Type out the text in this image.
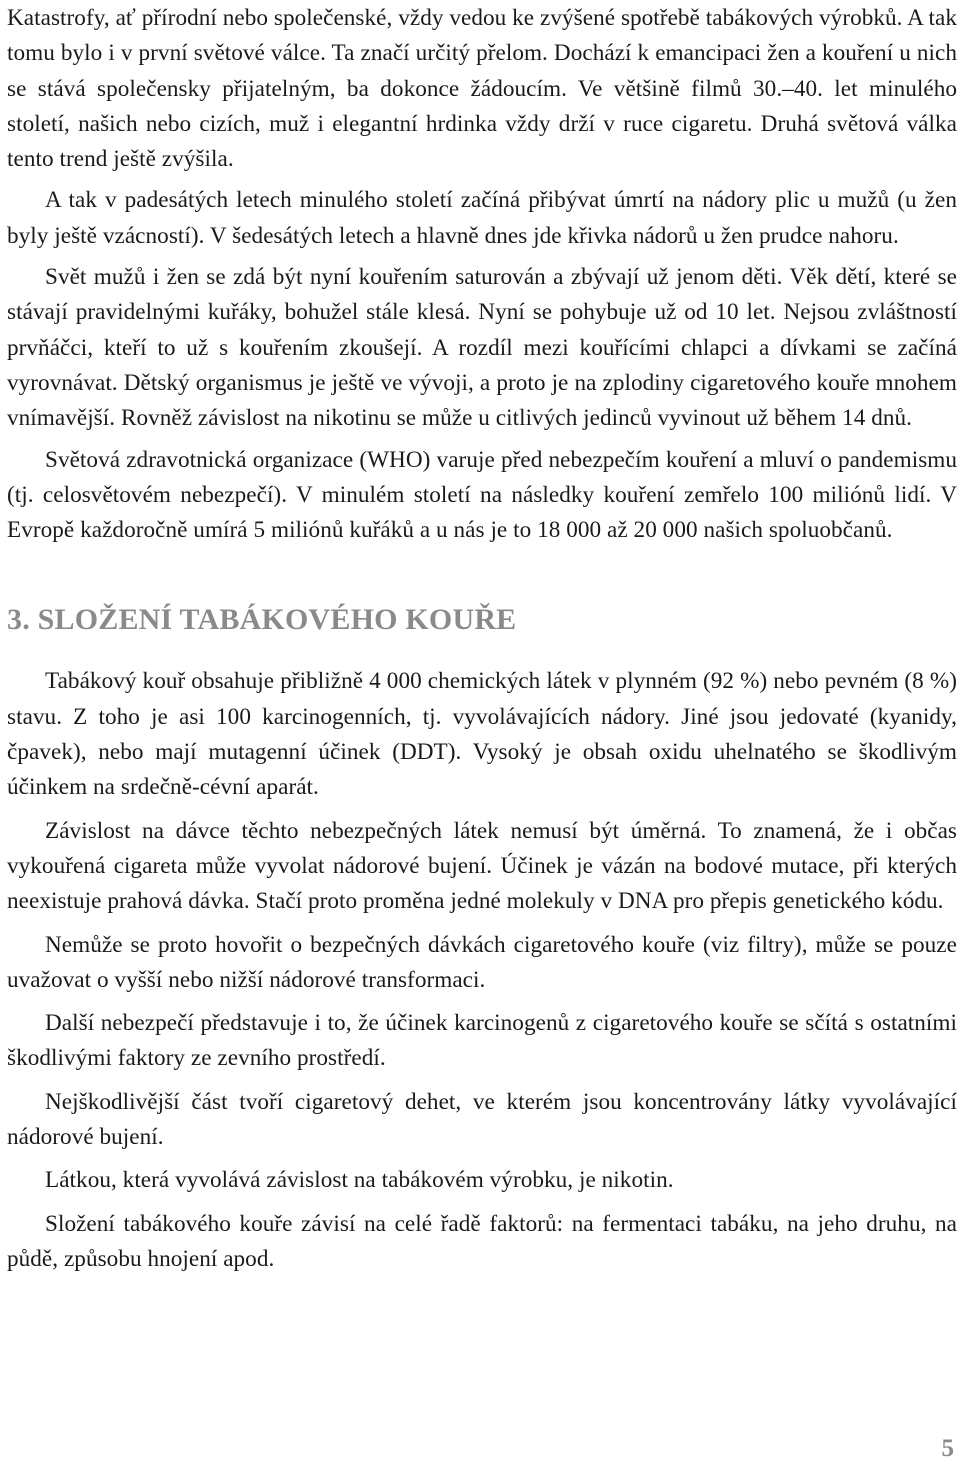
Katastrofy, ať přírodní nebo společenské, vždy vedou ke zvýšené spotřebě tabákových výrobků. A tak tomu bylo i v první světové válce. Ta značí určitý přelom. Dochází k emancipaci žen a kouření u nich se stává společensky přijatelným, ba dokonce žádoucím. Ve většině filmů 30.–40. let minulého století, našich nebo cizích, muž i elegantní hrdinka vždy drží v ruce cigaretu. Druhá světová válka tento trend ještě zvýšila.

A tak v padesátých letech minulého století začíná přibývat úmrtí na nádory plic u mužů (u žen byly ještě vzácností). V šedesátých letech a hlavně dnes jde křivka nádorů u žen prudce nahoru.

Svět mužů i žen se zdá být nyní kouřením saturován a zbývají už jenom děti. Věk dětí, které se stávají pravidelnými kuřáky, bohužel stále klesá. Nyní se pohybuje už od 10 let. Nejsou zvláštností prvňáčci, kteří to už s kouřením zkoušejí. A rozdíl mezi kouřícími chlapci a dívkami se začíná vyrovnávat. Dětský organismus je ještě ve vývoji, a proto je na zplodiny cigaretového kouře mnohem vnímavější. Rovněž závislost na nikotinu se může u citlivých jedinců vyvinout už během 14 dnů.

Světová zdravotnická organizace (WHO) varuje před nebezpečím kouření a mluví o pandemismu (tj. celosvětovém nebezpečí). V minulém století na následky kouření zemřelo 100 miliónů lidí. V Evropě každoročně umírá 5 miliónů kuřáků a u nás je to 18 000 až 20 000 našich spoluobčanů.

3. SLOŽENÍ TABÁKOVÉHO KOUŘE

Tabákový kouř obsahuje přibližně 4 000 chemických látek v plynném (92 %) nebo pevném (8 %) stavu. Z toho je asi 100 karcinogenních, tj. vyvolávajících nádory. Jiné jsou jedovaté (kyanidy, čpavek), nebo mají mutagenní účinek (DDT). Vysoký je obsah oxidu uhelnatého se škodlivým účinkem na srdečně-cévní aparát.

Závislost na dávce těchto nebezpečných látek nemusí být úměrná. To znamená, že i občas vykouřená cigareta může vyvolat nádorové bujení. Účinek je vázán na bodové mutace, při kterých neexistuje prahová dávka. Stačí proto proměna jedné molekuly v DNA pro přepis genetického kódu.

Nemůže se proto hovořit o bezpečných dávkách cigaretového kouře (viz filtry), může se pouze uvažovat o vyšší nebo nižší nádorové transformaci.

Další nebezpečí představuje i to, že účinek karcinogenů z cigaretového kouře se sčítá s ostatními škodlivými faktory ze zevního prostředí.

Nejškodlivější část tvoří cigaretový dehet, ve kterém jsou koncentrovány látky vyvolávající nádorové bujení.

Látkou, která vyvolává závislost na tabákovém výrobku, je nikotin.

Složení tabákového kouře závisí na celé řadě faktorů: na fermentaci tabáku, na jeho druhu, na půdě, způsobu hnojení apod.

5
